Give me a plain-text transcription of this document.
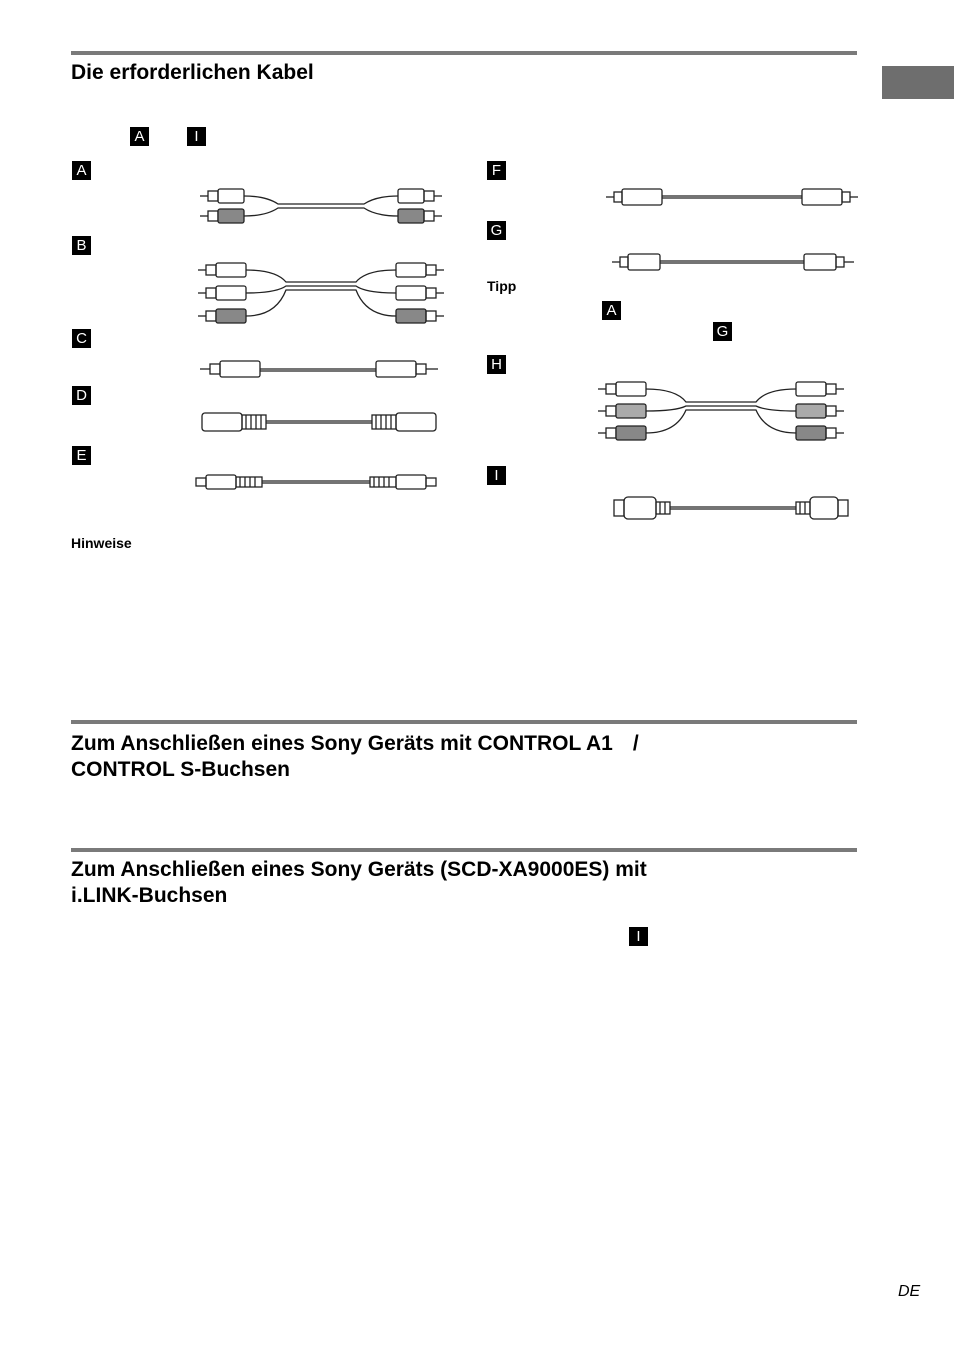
Die erforderlichen Kabel
A	I
A
B
C
D
E
Hinweise
F
G
Tipp
A
G
H
I
Zum Anschließen eines Sony Geräts mit CONTROL A1 /
CONTROL S-Buchsen
Zum Anschließen eines Sony Geräts (SCD-XA9000ES) mit
i.LINK-Buchsen
I
DE
